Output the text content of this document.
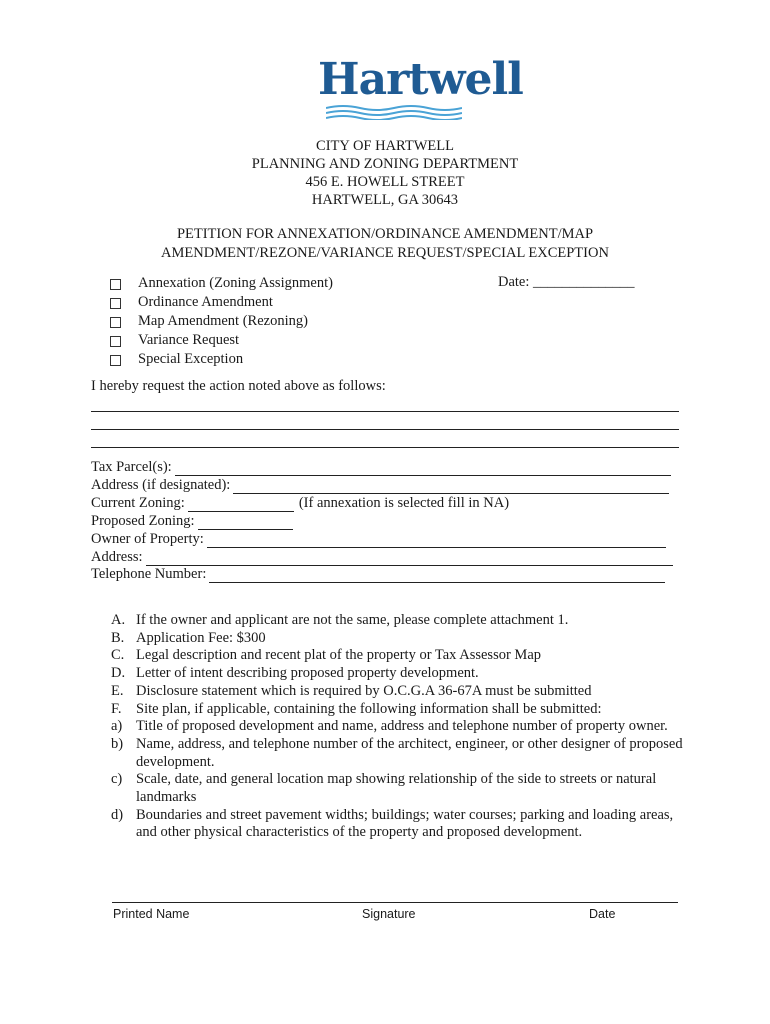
Hartwell
CITY OF HARTWELL
PLANNING AND ZONING DEPARTMENT
456 E. HOWELL STREET
HARTWELL, GA 30643
PETITION FOR ANNEXATION/ORDINANCE AMENDMENT/MAP
AMENDMENT/REZONE/VARIANCE REQUEST/SPECIAL EXCEPTION
Annexation (Zoning Assignment)
Ordinance Amendment
Map Amendment (Rezoning)
Variance Request
Special Exception
Date: ______________
I hereby request the action noted above as follows:
Tax Parcel(s):
Address (if designated):
Current Zoning:	(If annexation is selected fill in NA)
Proposed Zoning:
Owner of Property:
Address:
Telephone Number:
A. If the owner and applicant are not the same, please complete attachment 1.
B. Application Fee: $300
C. Legal description and recent plat of the property or Tax Assessor Map
D. Letter of intent describing proposed property development.
E. Disclosure statement which is required by O.C.G.A 36-67A must be submitted
F. Site plan, if applicable, containing the following information shall be submitted:
a) Title of proposed development and name, address and telephone number of property owner.
b) Name, address, and telephone number of the architect, engineer, or other designer of proposed development.
c) Scale, date, and general location map showing relationship of the side to streets or natural landmarks
d) Boundaries and street pavement widths; buildings; water courses; parking and loading areas, and other physical characteristics of the property and proposed development.
Printed Name	Signature	Date
